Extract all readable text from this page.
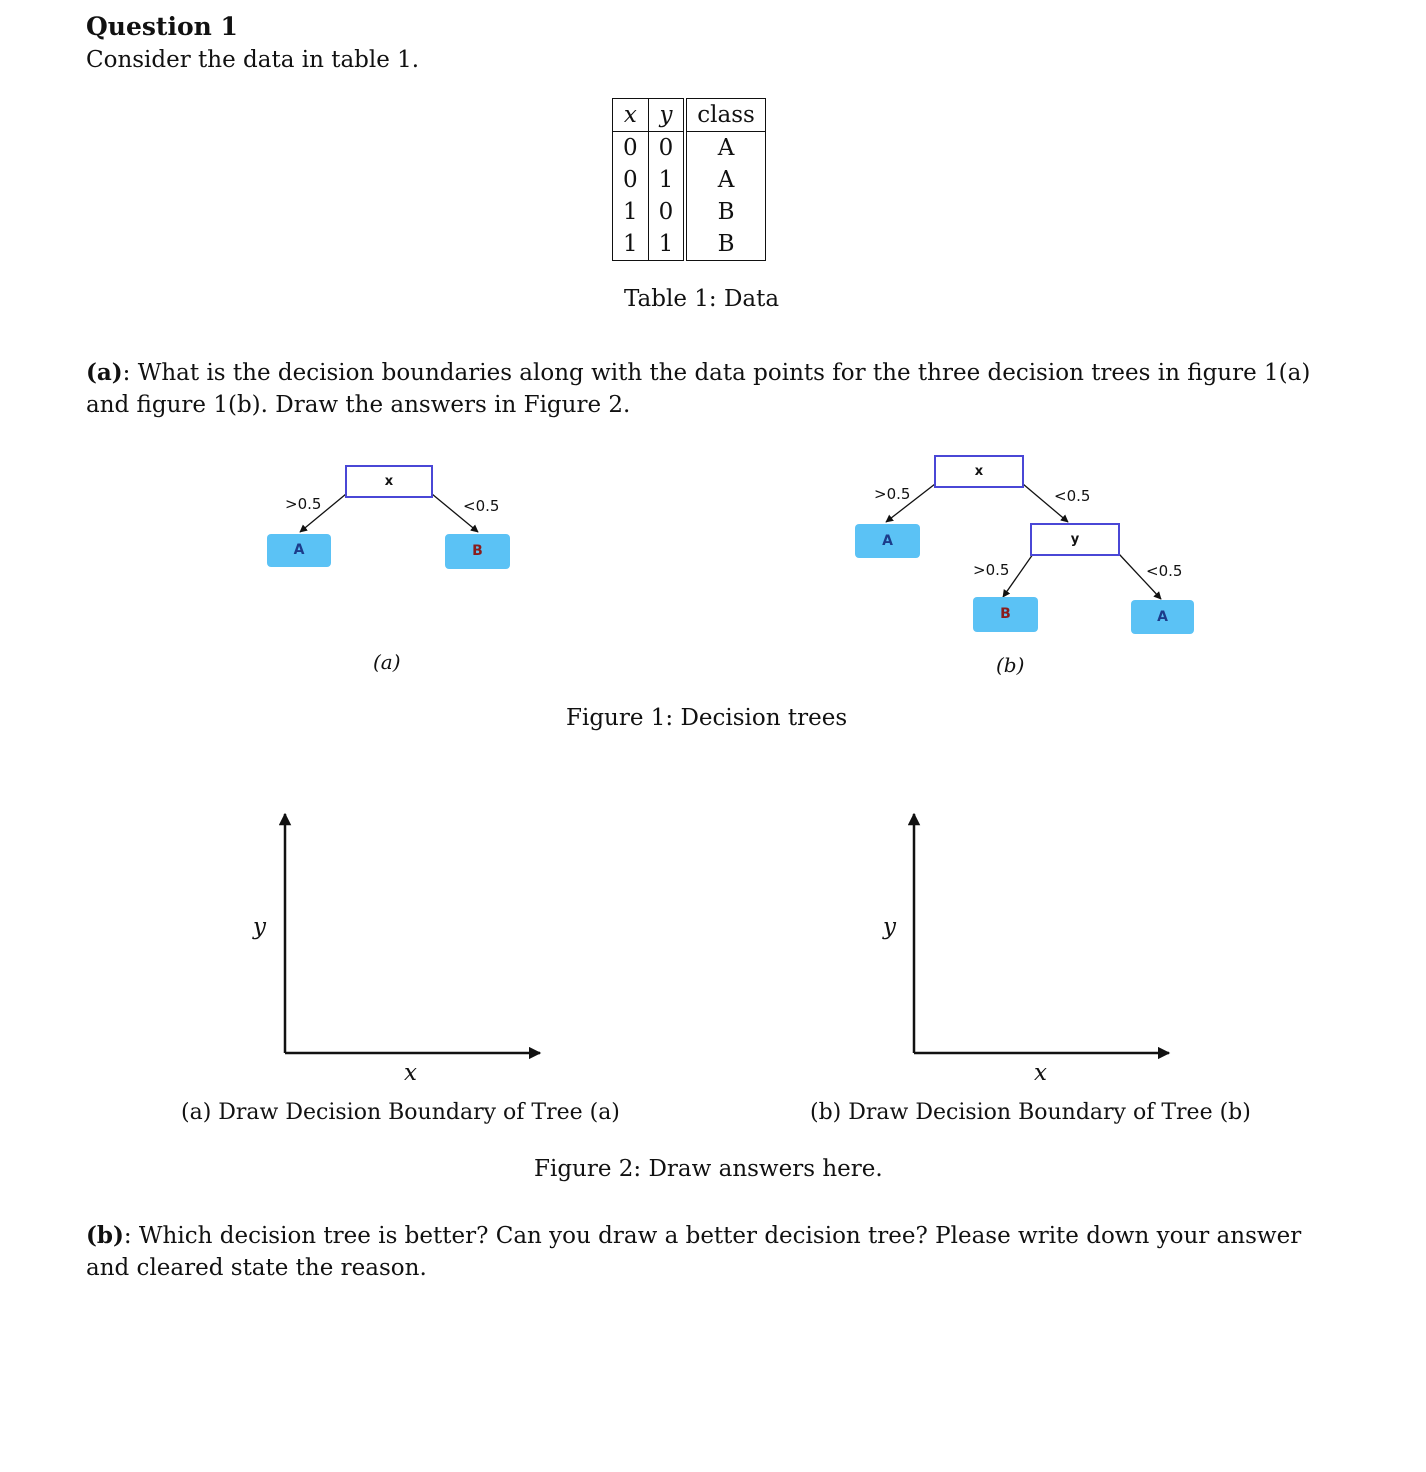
Question 1
Consider the data in table 1.
x	y	class
0	0	A
0	1	A
1	0	B
1	1	B
Table 1: Data
(a): What is the decision boundaries along with the data points for the three decision trees in figure 1(a) and figure 1(b). Draw the answers in Figure 2.
x
>0.5	<0.5
A	B
(a)
x
>0.5	<0.5
A	y
>0.5	<0.5
B	A
(b)
Figure 1: Decision trees
y
x
y
x
(a) Draw Decision Boundary of Tree (a)	(b) Draw Decision Boundary of Tree (b)
Figure 2: Draw answers here.
(b): Which decision tree is better? Can you draw a better decision tree? Please write down your answer and cleared state the reason.
